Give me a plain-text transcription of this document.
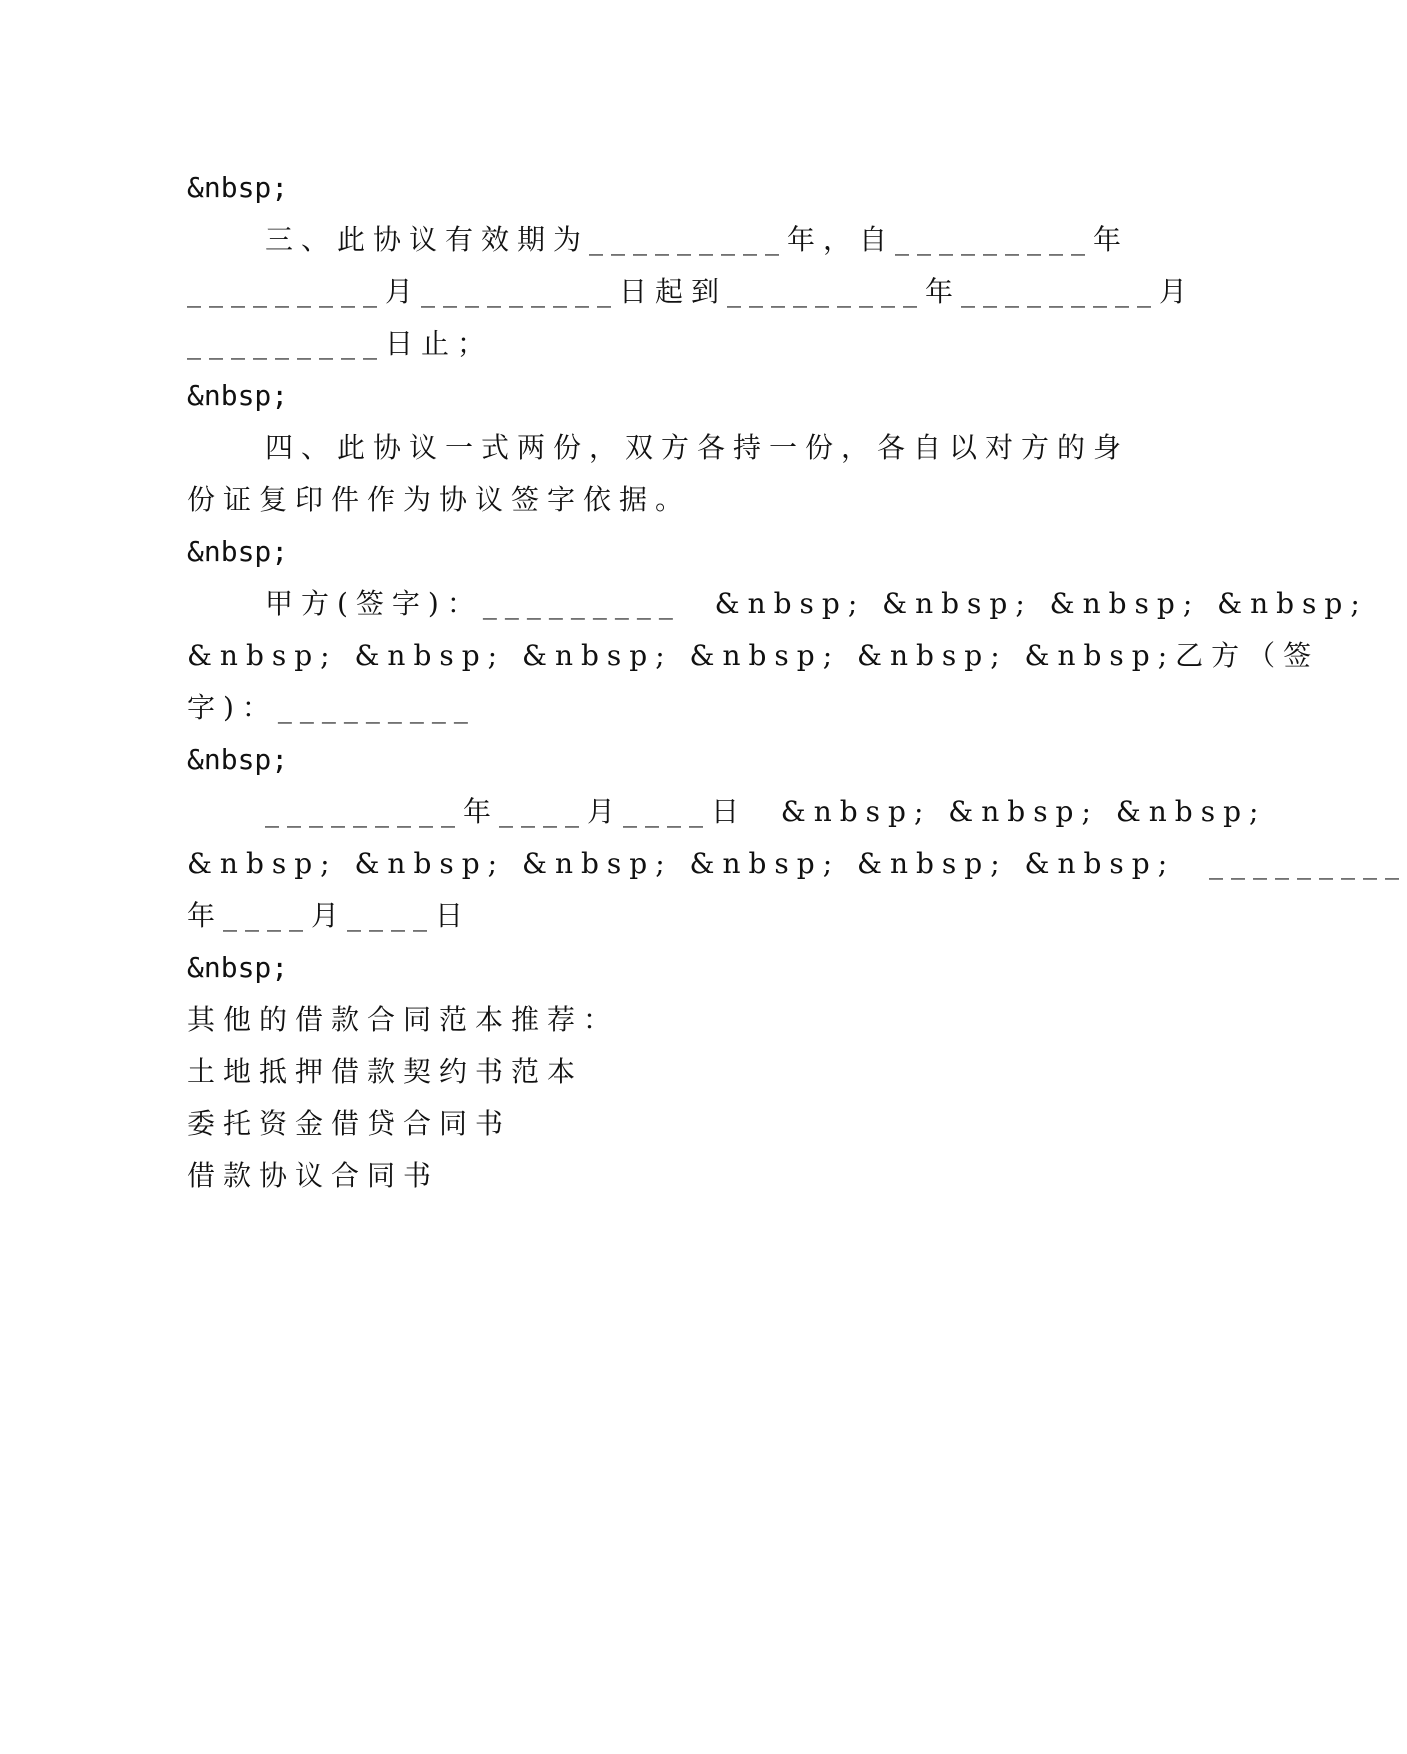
&nbsp;
三、此协议有效期为_________年，自_________年
_________月_________日起到_________年_________月
_________日止；
&nbsp;
四、此协议一式两份，双方各持一份，各自以对方的身
份证复印件作为协议签字依据。
&nbsp;
甲方(签字)：_________  &nbsp; &nbsp; &nbsp; &nbsp;
&nbsp; &nbsp; &nbsp; &nbsp; &nbsp; &nbsp;乙方（签
字)：_________
&nbsp;
_________年____月____日  &nbsp; &nbsp; &nbsp;
&nbsp; &nbsp; &nbsp; &nbsp; &nbsp; &nbsp;  _________
年____月____日
&nbsp;
其他的借款合同范本推荐：
土地抵押借款契约书范本
委托资金借贷合同书
借款协议合同书
